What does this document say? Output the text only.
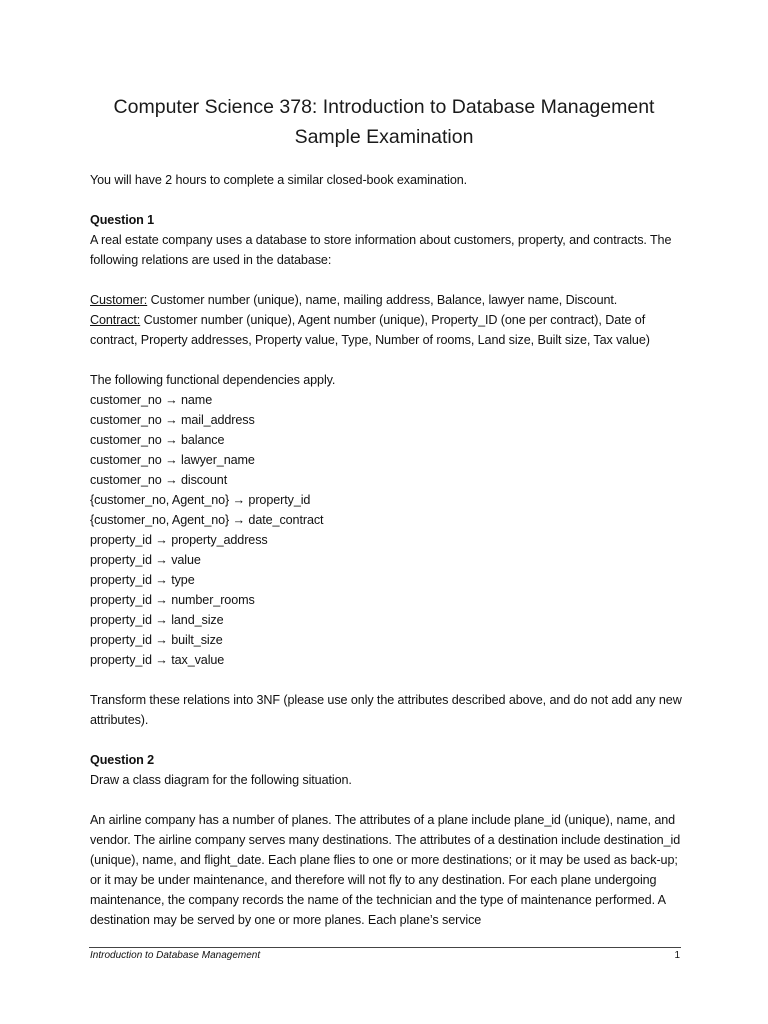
Computer Science 378: Introduction to Database Management
Sample Examination

You will have 2 hours to complete a similar closed-book examination.

Question 1

A real estate company uses a database to store information about customers, property, and contracts. The following relations are used in the database:

Customer: Customer number (unique), name, mailing address, Balance, lawyer name, Discount.

Contract: Customer number (unique), Agent number (unique), Property_ID (one per contract), Date of contract, Property addresses, Property value, Type, Number of rooms, Land size, Built size, Tax value)

The following functional dependencies apply.

customer_no → name
customer_no → mail_address
customer_no → balance
customer_no → lawyer_name
customer_no → discount
{customer_no, Agent_no} → property_id
{customer_no, Agent_no} → date_contract
property_id → property_address
property_id → value
property_id → type
property_id → number_rooms
property_id → land_size
property_id → built_size
property_id → tax_value

Transform these relations into 3NF (please use only the attributes described above, and do not add any new attributes).

Question 2

Draw a class diagram for the following situation.

An airline company has a number of planes. The attributes of a plane include plane_id (unique), name, and vendor. The airline company serves many destinations. The attributes of a destination include destination_id (unique), name, and flight_date. Each plane flies to one or more destinations; or it may be used as back-up; or it may be under maintenance, and therefore will not fly to any destination. For each plane undergoing maintenance, the company records the name of the technician and the type of maintenance performed. A destination may be served by one or more planes. Each plane’s service

Introduction to Database Management	1
